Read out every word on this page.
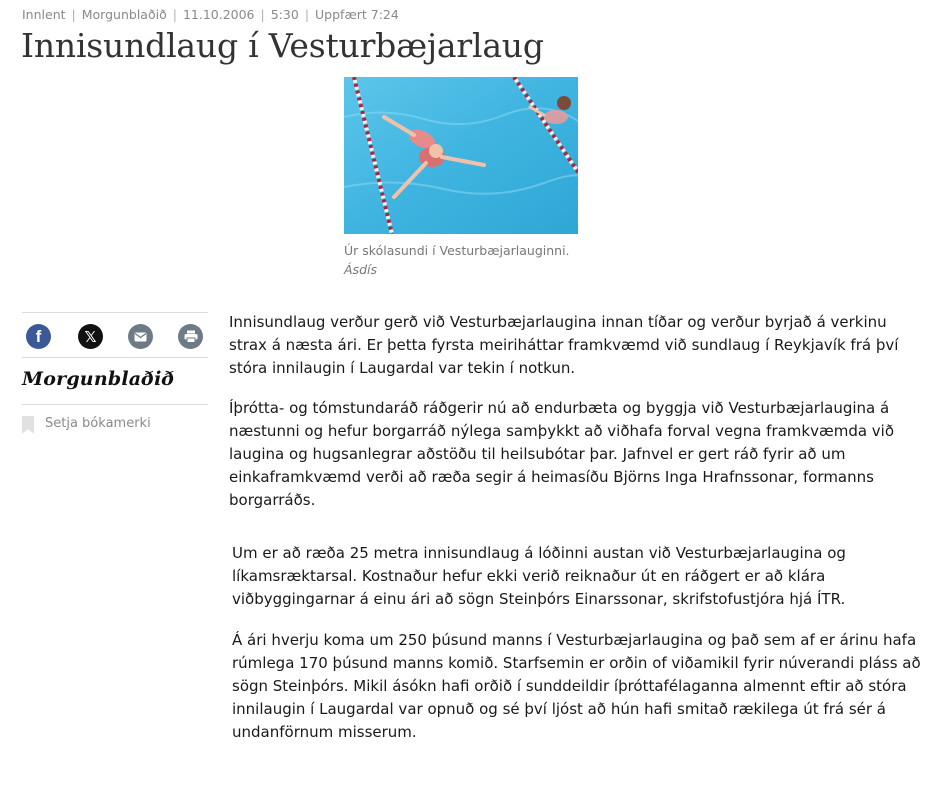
Innlent | Morgunblaðið | 11.10.2006 | 5:30 | Uppfært 7:24
Innisundlaug í Vesturbæjarlaug
Úr skólasundi í Vesturbæjarlauginni.
Ásdís
f	𝕏
Morgunblaðið
Setja bókamerki

Innisundlaug verður gerð við Vesturbæjarlaugina innan tíðar og verður byrjað á verkinu strax á næsta ári. Er þetta fyrsta meiriháttar framkvæmd við sundlaug í Reykjavík frá því stóra innilaugin í Laugardal var tekin í notkun.

Íþrótta- og tómstundaráð ráðgerir nú að endurbæta og byggja við Vesturbæjarlaugina á næstunni og hefur borgarráð nýlega samþykkt að viðhafa forval vegna framkvæmda við laugina og hugsanlegrar aðstöðu til heilsubótar þar. Jafnvel er gert ráð fyrir að um einkaframkvæmd verði að ræða segir á heimasíðu Björns Inga Hrafnssonar, formanns borgarráðs.

Um er að ræða 25 metra innisundlaug á lóðinni austan við Vesturbæjarlaugina og líkamsræktarsal. Kostnaður hefur ekki verið reiknaður út en ráðgert er að klára viðbyggingarnar á einu ári að sögn Steinþórs Einarssonar, skrifstofustjóra hjá ÍTR.

Á ári hverju koma um 250 þúsund manns í Vesturbæjarlaugina og það sem af er árinu hafa rúmlega 170 þúsund manns komið. Starfsemin er orðin of viðamikil fyrir núverandi pláss að sögn Steinþórs. Mikil ásókn hafi orðið í sunddeildir íþróttafélaganna almennt eftir að stóra innilaugin í Laugardal var opnuð og sé því ljóst að hún hafi smitað rækilega út frá sér á undanförnum misserum.
